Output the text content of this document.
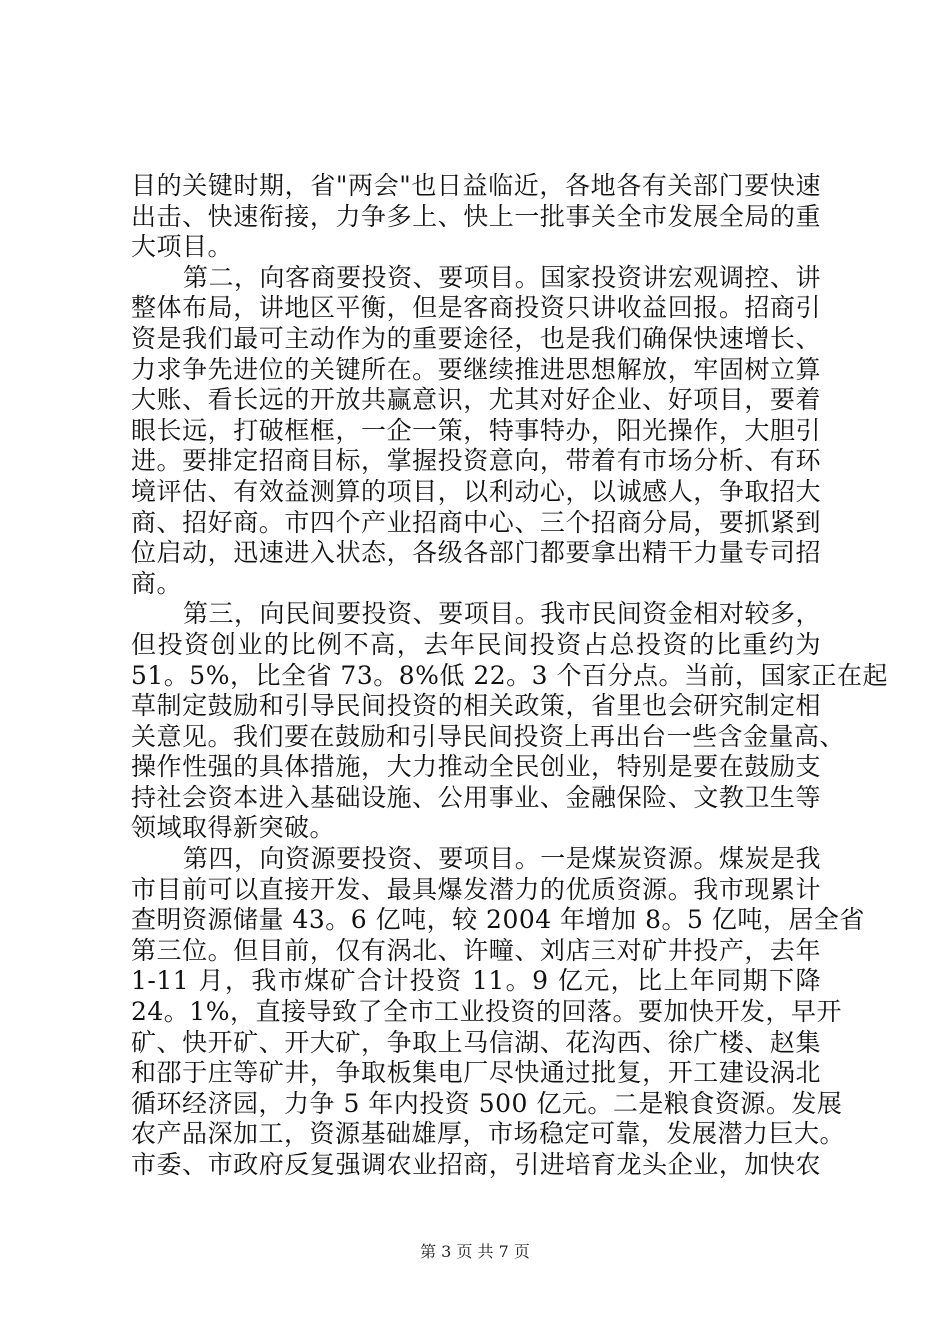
目的关键时期，省"两会"也日益临近，各地各有关部门要快速
出击、快速衔接，力争多上、快上一批事关全市发展全局的重
大项目。
第二，向客商要投资、要项目。国家投资讲宏观调控、讲
整体布局，讲地区平衡，但是客商投资只讲收益回报。招商引
资是我们最可主动作为的重要途径，也是我们确保快速增长、
力求争先进位的关键所在。要继续推进思想解放，牢固树立算
大账、看长远的开放共赢意识，尤其对好企业、好项目，要着
眼长远，打破框框，一企一策，特事特办，阳光操作，大胆引
进。要排定招商目标，掌握投资意向，带着有市场分析、有环
境评估、有效益测算的项目，以利动心，以诚感人，争取招大
商、招好商。市四个产业招商中心、三个招商分局，要抓紧到
位启动，迅速进入状态，各级各部门都要拿出精干力量专司招
商。
第三，向民间要投资、要项目。我市民间资金相对较多，
但投资创业的比例不高，去年民间投资占总投资的比重约为
51。5%，比全省 73。8%低 22。3 个百分点。当前，国家正在起
草制定鼓励和引导民间投资的相关政策，省里也会研究制定相
关意见。我们要在鼓励和引导民间投资上再出台一些含金量高、
操作性强的具体措施，大力推动全民创业，特别是要在鼓励支
持社会资本进入基础设施、公用事业、金融保险、文教卫生等
领域取得新突破。
第四，向资源要投资、要项目。一是煤炭资源。煤炭是我
市目前可以直接开发、最具爆发潜力的优质资源。我市现累计
查明资源储量 43。6 亿吨，较 2004 年增加 8。5 亿吨，居全省
第三位。但目前，仅有涡北、许疃、刘店三对矿井投产，去年
1-11 月，我市煤矿合计投资 11。9 亿元，比上年同期下降
24。1%，直接导致了全市工业投资的回落。要加快开发，早开
矿、快开矿、开大矿，争取上马信湖、花沟西、徐广楼、赵集
和邵于庄等矿井，争取板集电厂尽快通过批复，开工建设涡北
循环经济园，力争 5 年内投资 500 亿元。二是粮食资源。发展
农产品深加工，资源基础雄厚，市场稳定可靠，发展潜力巨大。
市委、市政府反复强调农业招商，引进培育龙头企业，加快农
第 3 页 共 7 页
